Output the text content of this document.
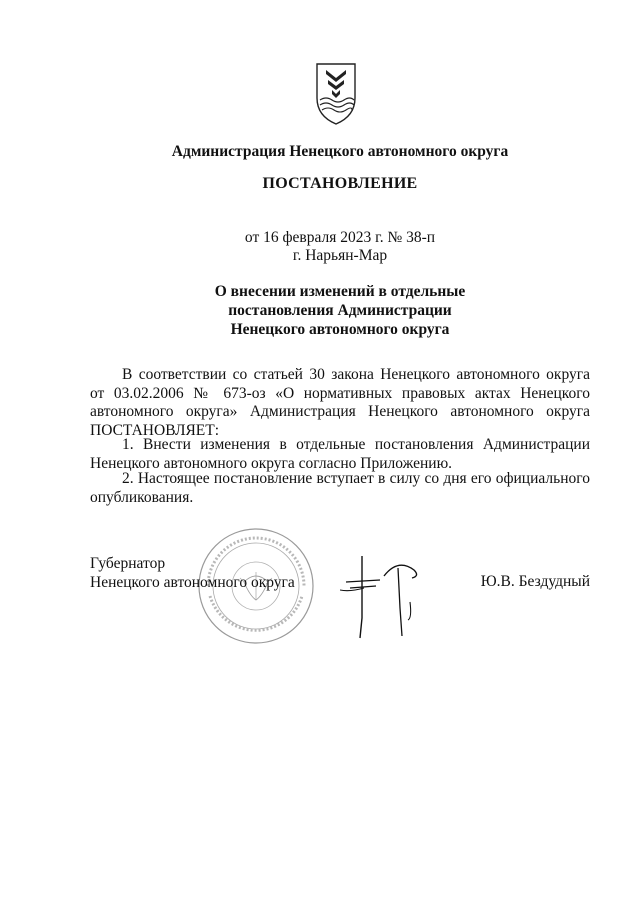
Администрация Ненецкого автономного округа
ПОСТАНОВЛЕНИЕ
от 16 февраля 2023 г. № 38-п
г. Нарьян-Мар
О внесении изменений в отдельные
постановления Администрации
Ненецкого автономного округа
В соответствии со статьей 30 закона Ненецкого автономного округа
от 03.02.2006 № 673-оз «О нормативных правовых актах Ненецкого
автономного округа» Администрация Ненецкого автономного округа
ПОСТАНОВЛЯЕТ:
1. Внести изменения в отдельные постановления Администрации
Ненецкого автономного округа согласно Приложению.
2. Настоящее постановление вступает в силу со дня его официального
опубликования.
Губернатор
Ненецкого автономного округа	Ю.В. Бездудный
